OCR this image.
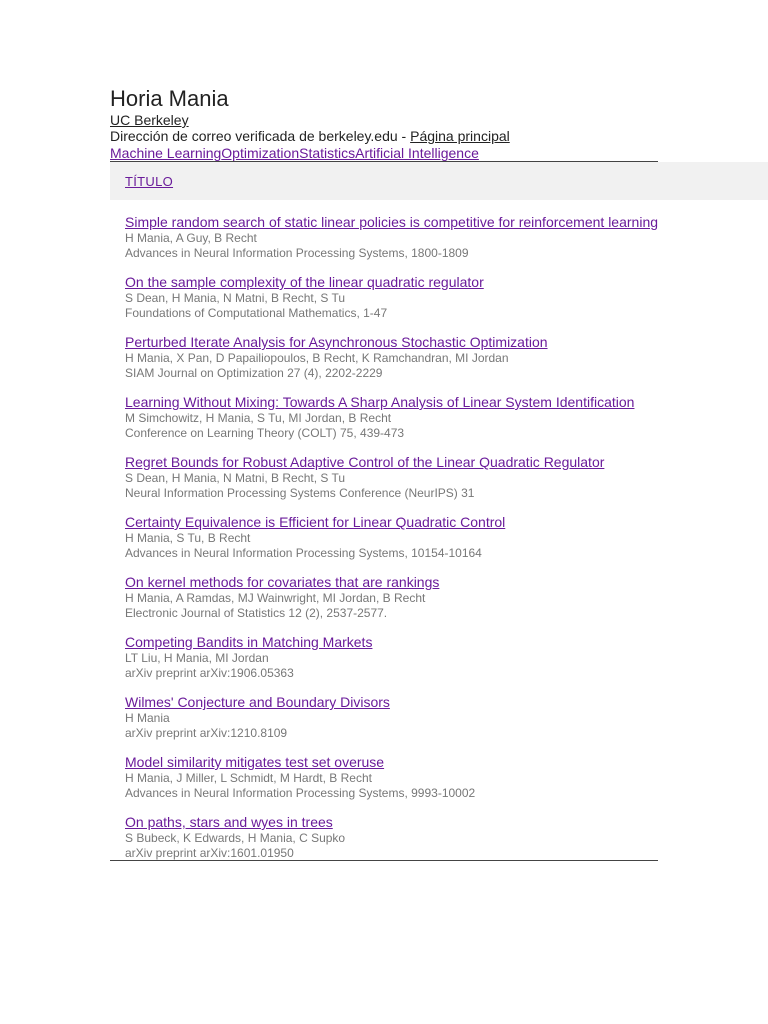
Horia Mania
UC Berkeley
Dirección de correo verificada de berkeley.edu - Página principal
Machine LearningOptimizationStatisticsArtificial Intelligence
TÍTULO
Simple random search of static linear policies is competitive for reinforcement learning
H Mania, A Guy, B Recht
Advances in Neural Information Processing Systems, 1800-1809
On the sample complexity of the linear quadratic regulator
S Dean, H Mania, N Matni, B Recht, S Tu
Foundations of Computational Mathematics, 1-47
Perturbed Iterate Analysis for Asynchronous Stochastic Optimization
H Mania, X Pan, D Papailiopoulos, B Recht, K Ramchandran, MI Jordan
SIAM Journal on Optimization 27 (4), 2202-2229
Learning Without Mixing: Towards A Sharp Analysis of Linear System Identification
M Simchowitz, H Mania, S Tu, MI Jordan, B Recht
Conference on Learning Theory (COLT) 75, 439-473
Regret Bounds for Robust Adaptive Control of the Linear Quadratic Regulator
S Dean, H Mania, N Matni, B Recht, S Tu
Neural Information Processing Systems Conference (NeurIPS) 31
Certainty Equivalence is Efficient for Linear Quadratic Control
H Mania, S Tu, B Recht
Advances in Neural Information Processing Systems, 10154-10164
On kernel methods for covariates that are rankings
H Mania, A Ramdas, MJ Wainwright, MI Jordan, B Recht
Electronic Journal of Statistics 12 (2), 2537-2577.
Competing Bandits in Matching Markets
LT Liu, H Mania, MI Jordan
arXiv preprint arXiv:1906.05363
Wilmes' Conjecture and Boundary Divisors
H Mania
arXiv preprint arXiv:1210.8109
Model similarity mitigates test set overuse
H Mania, J Miller, L Schmidt, M Hardt, B Recht
Advances in Neural Information Processing Systems, 9993-10002
On paths, stars and wyes in trees
S Bubeck, K Edwards, H Mania, C Supko
arXiv preprint arXiv:1601.01950
